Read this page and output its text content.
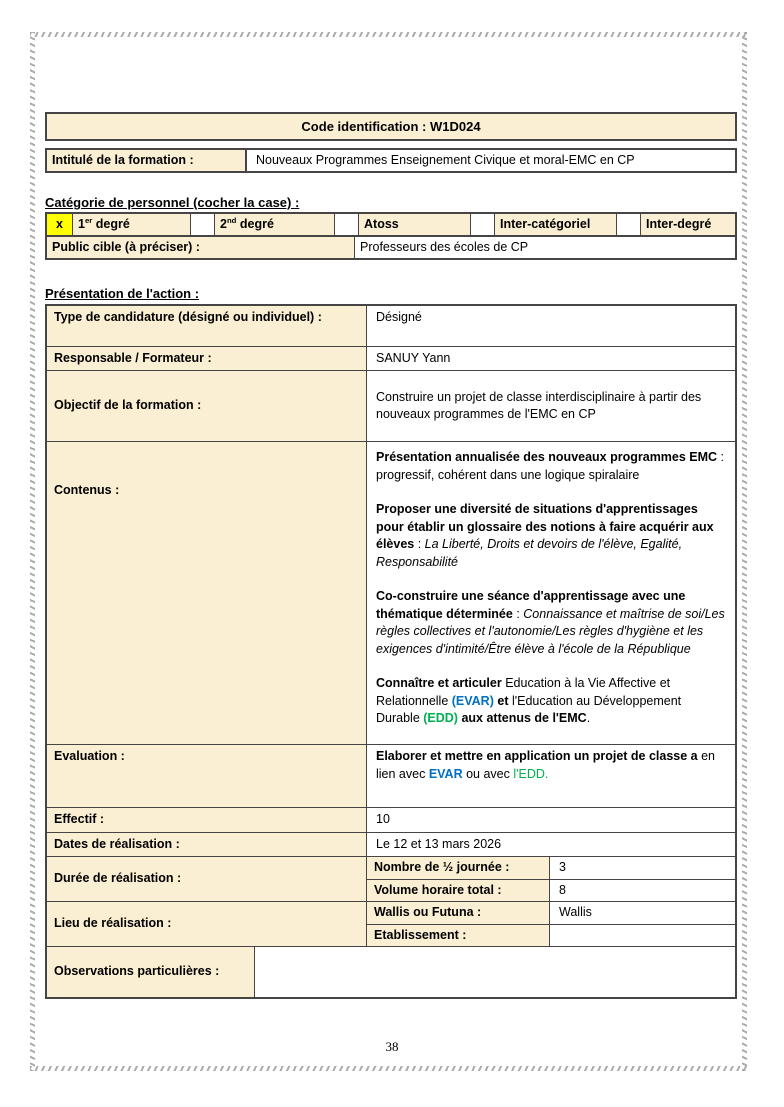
Code identification : W1D024
Intitulé de la formation :	Nouveaux Programmes Enseignement Civique et moral-EMC en CP
Catégorie de personnel (cocher la case) :
x	1er degré	2nd degré	Atoss	Inter-catégoriel	Inter-degré
Public cible (à préciser) :	Professeurs des écoles de CP
Présentation de l'action :
Type de candidature (désigné ou individuel) :	Désigné
Responsable / Formateur :	SANUY Yann
Objectif de la formation :
Construire un projet de classe interdisciplinaire à partir des nouveaux programmes de l'EMC en CP
Contenus :

Présentation annualisée des nouveaux programmes EMC : progressif, cohérent dans une logique spiralaire

Proposer une diversité de situations d'apprentissages pour établir un glossaire des notions à faire acquérir aux élèves : La Liberté, Droits et devoirs de l'élève, Egalité, Responsabilité

Co-construire une séance d'apprentissage avec une thématique déterminée : Connaissance et maîtrise de soi/Les règles collectives et l'autonomie/Les règles d'hygiène et les exigences d'intimité/Être élève à l'école de la République

Connaître et articuler Education à la Vie Affective et Relationnelle (EVAR) et l'Education au Développement Durable (EDD) aux attenus de l'EMC.

Evaluation :	Elaborer et mettre en application un projet de classe a en lien avec EVAR ou avec l'EDD.

Effectif :	10
Dates de réalisation :	Le 12 et 13 mars 2026
Durée de réalisation :
Nombre de ½ journée :	3
Volume horaire total :	8
Lieu de réalisation :
Wallis ou Futuna :	Wallis
Etablissement :
Observations particulières :
38
